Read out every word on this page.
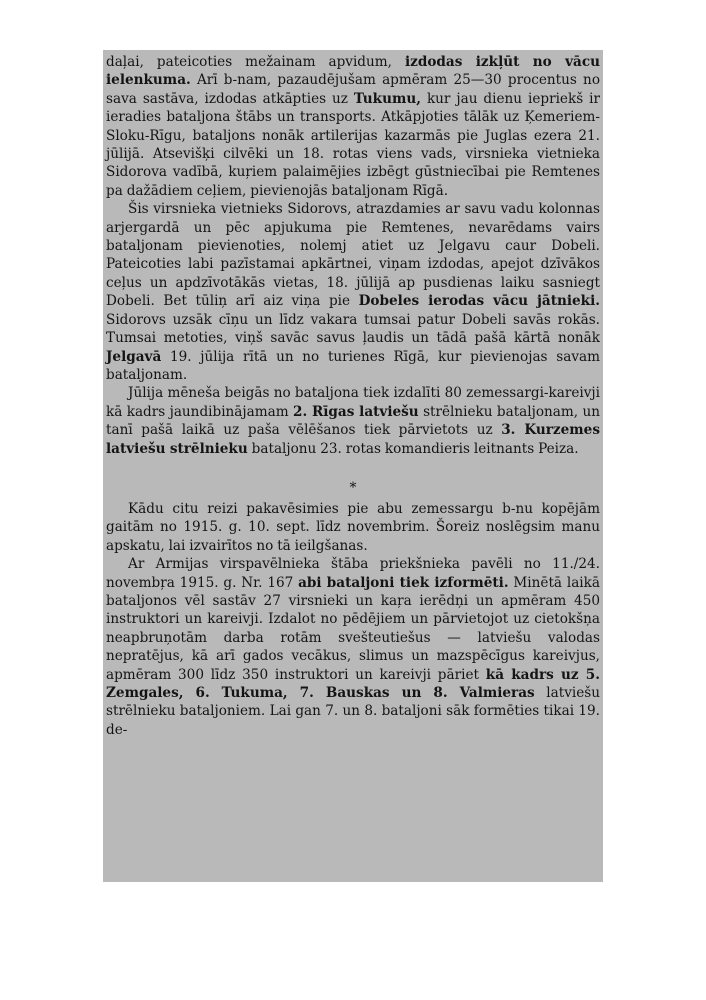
daļai, pateicoties mežainam apvidum, izdodas izkļūt no vācu ielenkuma. Arī b-nam, pazaudējušam apmēram 25—30 procentus no sava sastāva, izdodas atkāpties uz Tukumu, kur jau dienu iepriekš ir ieradies bataljona štābs un transports. Atkāpjoties tālāk uz Ķemeriem-Sloku-Rīgu, bataljons nonāk artilerijas kazarmās pie Juglas ezera 21. jūlijā. Atsevišķi cilvēki un 18. rotas viens vads, virsnieka vietnieka Sidorova vadībā, kuŗiem palaimējies izbēgt gūstniecībai pie Remtenes pa dažādiem ceļiem, pievienojās bataljonam Rīgā.

Šis virsnieka vietnieks Sidorovs, atrazdamies ar savu vadu kolonnas arjergardā un pēc apjukuma pie Remtenes, nevarēdams vairs bataljonam pievienoties, nolemj atiet uz Jelgavu caur Dobeli. Pateicoties labi pazīstamai apkārtnei, viņam izdodas, apejot dzīvākos ceļus un apdzīvotākās vietas, 18. jūlijā ap pusdienas laiku sasniegt Dobeli. Bet tūliņ arī aiz viņa pie Dobeles ierodas vācu jātnieki. Sidorovs uzsāk cīņu un līdz vakara tumsai patur Dobeli savās rokās. Tumsai metoties, viņš savāc savus ļaudis un tādā pašā kārtā nonāk Jelgavā 19. jūlija rītā un no turienes Rīgā, kur pievienojas savam bataljonam.

Jūlija mēneša beigās no bataljona tiek izdalīti 80 zemessargi-kareivji kā kadrs jaundibinājamam 2. Rīgas latviešu strēlnieku bataljonam, un tanī pašā laikā uz paša vēlēšanos tiek pārvietots uz 3. Kurzemes latviešu strēlnieku bataljonu 23. rotas komandieris leitnants Peiza.

*

Kādu citu reizi pakavēsimies pie abu zemessargu b-nu kopējām gaitām no 1915. g. 10. sept. līdz novembrim. Šoreiz noslēgsim manu apskatu, lai izvairītos no tā ieilgšanas.

Ar Armijas virspavēlnieka štāba priekšnieka pavēli no 11./24. novembŗa 1915. g. Nr. 167 abi bataljoni tiek izformēti. Minētā laikā bataljonos vēl sastāv 27 virsnieki un kaŗa ierēdņi un apmēram 450 instruktori un kareivji. Izdalot no pēdējiem un pārvietojot uz cietokšņa neapbruņotām darba rotām svešteutiešus — latviešu valodas nepratējus, kā arī gados vecākus, slimus un mazspēcīgus kareivjus, apmēram 300 līdz 350 instruktori un kareivji pāriet kā kadrs uz 5. Zemgales, 6. Tukuma, 7. Bauskas un 8. Valmieras latviešu strēlnieku bataljoniem. Lai gan 7. un 8. bataljoni sāk formēties tikai 19. de-
